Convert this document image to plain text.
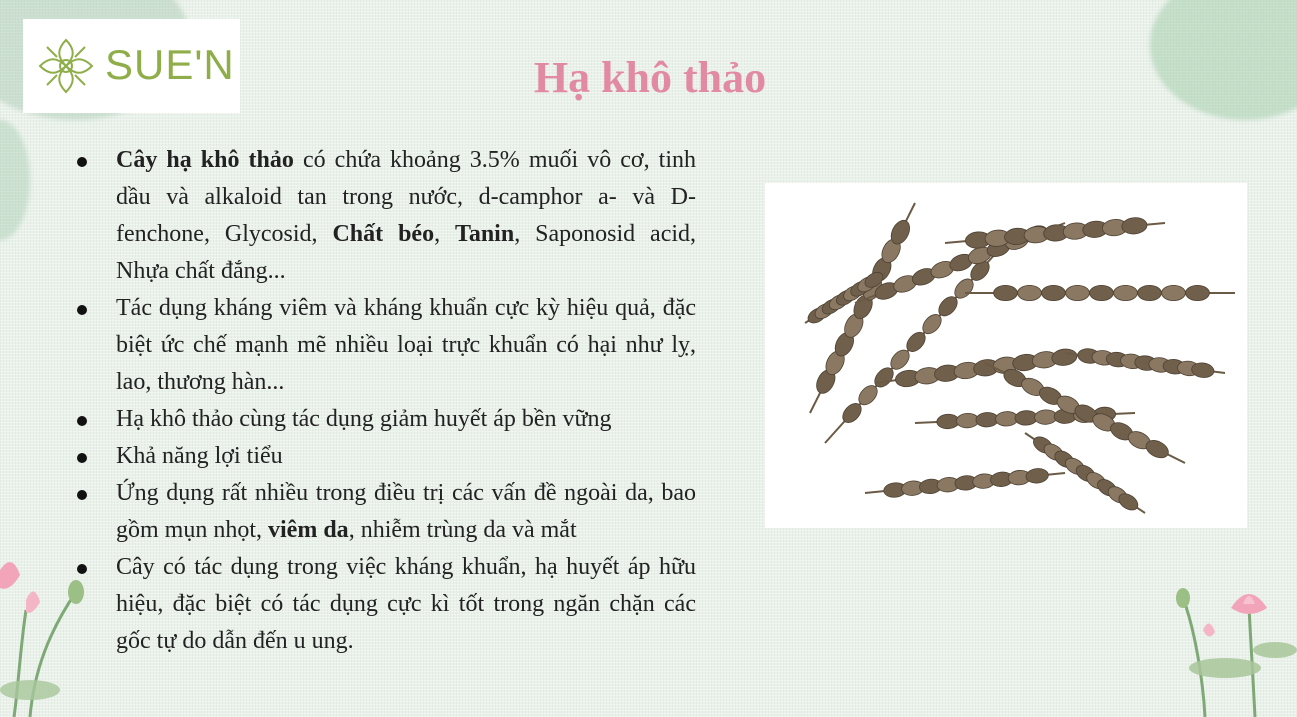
SUE'N	Hạ khô thảo
Cây hạ khô thảo có chứa khoảng 3.5% muối vô cơ, tinh dầu và alkaloid tan trong nước, d-camphor a- và D-fenchone, Glycosid, Chất béo, Tanin, Saponosid acid, Nhựa chất đắng...
Tác dụng kháng viêm và kháng khuẩn cực kỳ hiệu quả, đặc biệt ức chế mạnh mẽ nhiều loại trực khuẩn có hại như lỵ, lao, thương hàn...
Hạ khô thảo cùng tác dụng giảm huyết áp bền vững
Khả năng lợi tiểu
Ứng dụng rất nhiều trong điều trị các vấn đề ngoài da, bao gồm mụn nhọt, viêm da, nhiễm trùng da và mắt
Cây có tác dụng trong việc kháng khuẩn, hạ huyết áp hữu hiệu, đặc biệt có tác dụng cực kì tốt trong ngăn chặn các gốc tự do dẫn đến u ung.
